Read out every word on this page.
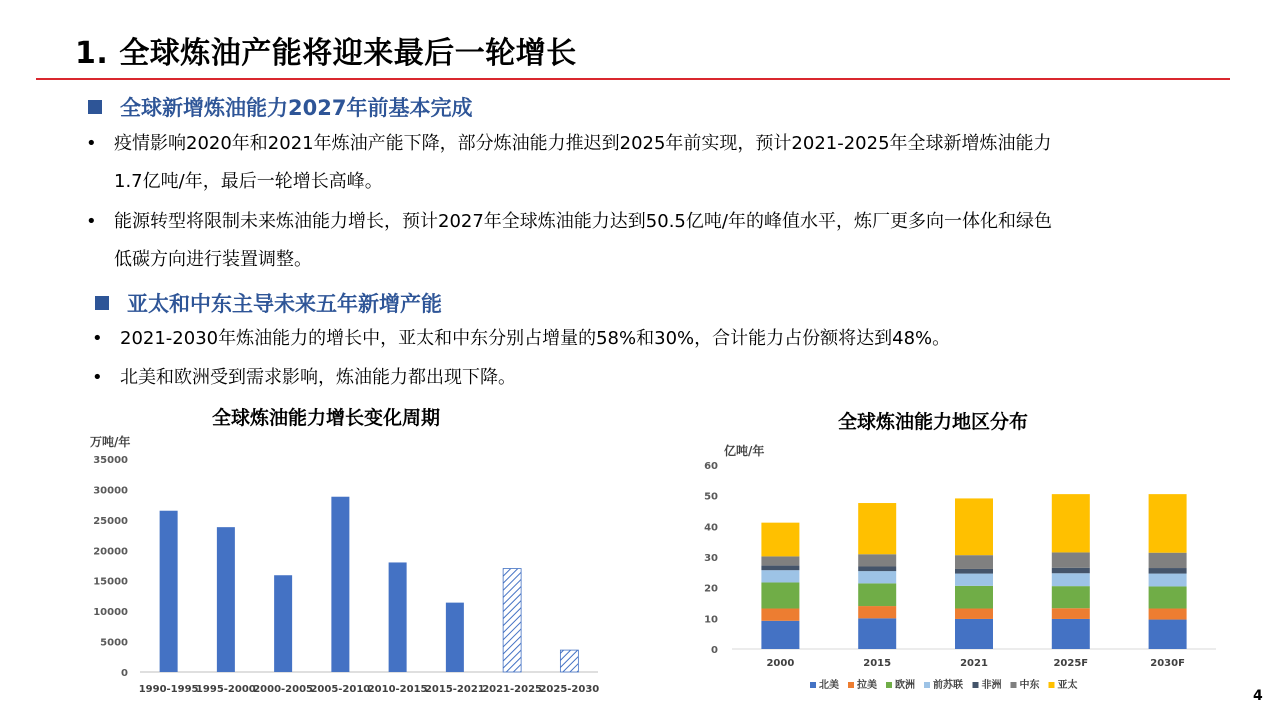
1. 全球炼油产能将迎来最后一轮增长
全球新增炼油能力2027年前基本完成
• 疫情影响2020年和2021年炼油产能下降，部分炼油能力推迟到2025年前实现，预计2021-2025年全球新增炼油能力
1.7亿吨/年，最后一轮增长高峰。
• 能源转型将限制未来炼油能力增长，预计2027年全球炼油能力达到50.5亿吨/年的峰值水平，炼厂更多向一体化和绿色
低碳方向进行装置调整。
亚太和中东主导未来五年新增产能
• 2021-2030年炼油能力的增长中，亚太和中东分别占增量的58%和30%，合计能力占份额将达到48%。
• 北美和欧洲受到需求影响，炼油能力都出现下降。
全球炼油能力增长变化周期
万吨/年
0
5000
10000
15000
20000
25000
30000
35000
1990-1995
1995-2000
2000-2005
2005-2010
2010-2015
2015-2021
2021-2025
2025-2030
全球炼油能力地区分布
亿吨/年
0
10
20
30
40
50
60
2000	2015	2021	2025F	2030F
北美 拉美 欧洲 前苏联 非洲 中东 亚太
4
